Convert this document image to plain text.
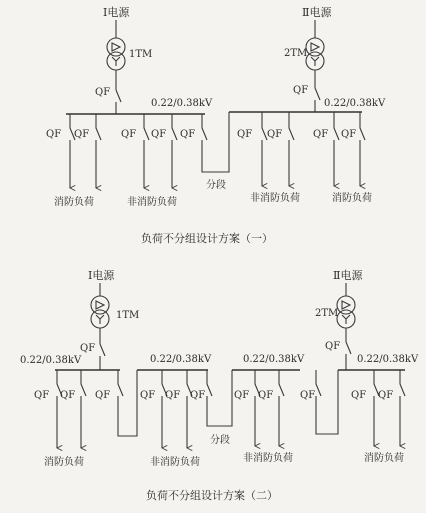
Ⅰ电源
1TM
QF
0.22/0.38kV
Ⅱ电源
2TM
QF
0.22/0.38kV
QF QF
消防负荷
QF QF
非消防负荷
QF
分段
QF QF
非消防负荷
QF QF
消防负荷
负荷不分组设计方案（一）
Ⅰ电源
1TM
QF
0.22/0.38kV	0.22/0.38kV	0.22/0.38kV
Ⅱ电源
2TM
QF
0.22/0.38kV
QF QF
消防负荷
QF	QF QF
非消防负荷
QF
分段
QF QF
非消防负荷
QF	QF QF
消防负荷
负荷不分组设计方案（二）
